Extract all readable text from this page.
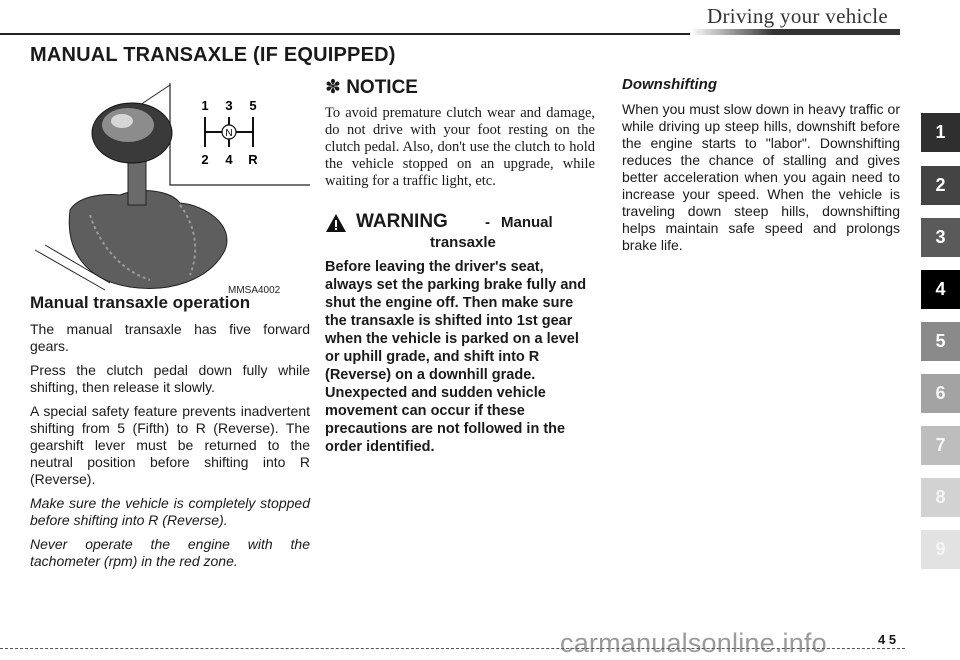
Driving your vehicle
MANUAL TRANSAXLE (IF EQUIPPED)
N
1 3 5
2 4 R
MMSA4002
Manual transaxle operation

The manual transaxle has five forward gears.

Press the clutch pedal down fully while shifting, then release it slowly.

A special safety feature prevents inadvertent shifting from 5 (Fifth) to R (Reverse). The gearshift lever must be returned to the neutral position before shifting into R (Reverse).

Make sure the vehicle is completely stopped before shifting into R (Reverse).

Never operate the engine with the tachometer (rpm) in the red zone.

✽ NOTICE

To avoid premature clutch wear and damage, do not drive with your foot resting on the clutch pedal. Also, don't use the clutch to hold the vehicle stopped on an upgrade, while waiting for a traffic light, etc.

WARNING - Manual
transaxle

Before leaving the driver's seat, always set the parking brake fully and shut the engine off. Then make sure the transaxle is shifted into 1st gear when the vehicle is parked on a level or uphill grade, and shift into R (Reverse) on a downhill grade. Unexpected and sudden vehicle movement can occur if these precautions are not followed in the order identified.

Downshifting

When you must slow down in heavy traffic or while driving up steep hills, downshift before the engine starts to "labor". Downshifting reduces the chance of stalling and gives better acceleration when you again need to increase your speed. When the vehicle is traveling down steep hills, downshifting helps maintain safe speed and prolongs brake life.

1
2
3
4
5
6
7
8
9
carmanualsonline.info	4 5
